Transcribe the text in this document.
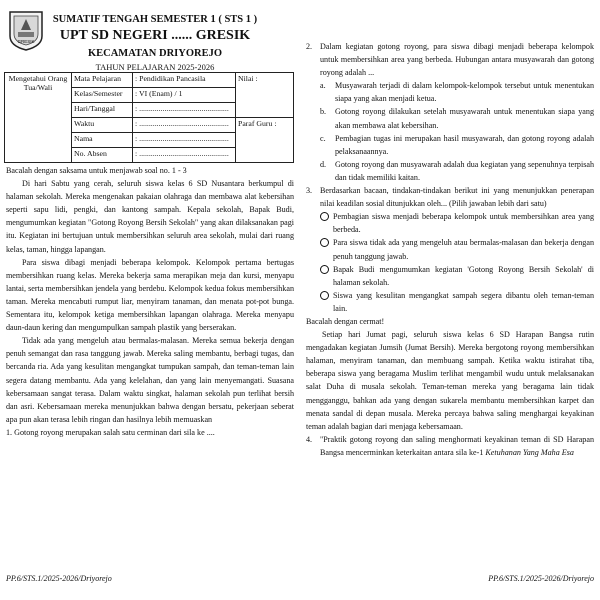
GRESIK
SUMATIF TENGAH SEMESTER 1 ( STS 1 )
UPT SD NEGERI ...... GRESIK
KECAMATAN DRIYOREJO
TAHUN PELAJARAN 2025-2026
Mengetahui Orang Tua/Wali	Mata Pelajaran	: Pendidikan Pancasila	Nilai :
	Kelas/Semester	: VI (Enam) / 1	
	Hari/Tanggal	: ..............................................	
	Waktu	: ..............................................	Paraf Guru :
	Nama	: ..............................................	
	No. Absen	: ..............................................	

Bacalah dengan saksama untuk menjawab soal no. 1 - 3

Di hari Sabtu yang cerah, seluruh siswa kelas 6 SD Nusantara berkumpul di halaman sekolah. Mereka mengenakan pakaian olahraga dan membawa alat kebersihan seperti sapu lidi, pengki, dan kantong sampah. Kepala sekolah, Bapak Budi, mengumumkan kegiatan "Gotong Royong Bersih Sekolah" yang akan dilaksanakan pagi itu. Kegiatan ini bertujuan untuk membersihkan seluruh area sekolah, mulai dari ruang kelas, taman, hingga lapangan.

Para siswa dibagi menjadi beberapa kelompok. Kelompok pertama bertugas membersihkan ruang kelas. Mereka bekerja sama merapikan meja dan kursi, menyapu lantai, serta membersihkan jendela yang berdebu. Kelompok kedua fokus membersihkan taman. Mereka mencabuti rumput liar, menyiram tanaman, dan menata pot-pot bunga. Sementara itu, kelompok ketiga membersihkan lapangan olahraga. Mereka menyapu daun-daun kering dan mengumpulkan sampah plastik yang berserakan.

Tidak ada yang mengeluh atau bermalas-malasan. Mereka semua bekerja dengan penuh semangat dan rasa tanggung jawab. Mereka saling membantu, berbagi tugas, dan bercanda ria. Ada yang kesulitan mengangkat tumpukan sampah, dan teman-teman lain segera datang membantu. Ada yang kelelahan, dan yang lain menyemangati. Suasana kebersamaan sangat terasa. Dalam waktu singkat, halaman sekolah pun terlihat bersih dan asri. Kebersamaan mereka menunjukkan bahwa dengan bersatu, pekerjaan seberat apa pun akan terasa lebih ringan dan hasilnya lebih memuaskan

1. Gotong royong merupakan salah satu cerminan dari sila ke ....

2. Dalam kegiatan gotong royong, para siswa dibagi menjadi beberapa kelompok untuk membersihkan area yang berbeda. Hubungan antara musyawarah dan gotong royong adalah ...
a.	Musyawarah terjadi di dalam kelompok-kelompok tersebut untuk menentukan siapa yang akan menjadi ketua.
b.	Gotong royong dilakukan setelah musyawarah untuk menentukan siapa yang akan membawa alat kebersihan.
c.	Pembagian tugas ini merupakan hasil musyawarah, dan gotong royong adalah pelaksanaannya.
d.	Gotong royong dan musyawarah adalah dua kegiatan yang sepenuhnya terpisah dan tidak memiliki kaitan.
3. Berdasarkan bacaan, tindakan-tindakan berikut ini yang menunjukkan penerapan nilai keadilan sosial ditunjukkan oleh... (Pilih jawaban lebih dari satu)
Pembagian siswa menjadi beberapa kelompok untuk membersihkan area yang berbeda.
Para siswa tidak ada yang mengeluh atau bermalas-malasan dan bekerja dengan penuh tanggung jawab.
Bapak Budi mengumumkan kegiatan 'Gotong Royong Bersih Sekolah' di halaman sekolah.
Siswa yang kesulitan mengangkat sampah segera dibantu oleh teman-teman lain.

Bacalah dengan cermat!

Setiap hari Jumat pagi, seluruh siswa kelas 6 SD Harapan Bangsa rutin mengadakan kegiatan Jumsih (Jumat Bersih). Mereka bergotong royong membersihkan halaman, menyiram tanaman, dan membuang sampah. Ketika waktu istirahat tiba, beberapa siswa yang beragama Muslim terlihat mengambil wudu untuk melaksanakan salat Duha di musala sekolah. Teman-teman mereka yang beragama lain tidak mengganggu, bahkan ada yang dengan sukarela membantu membersihkan karpet dan menata sandal di depan musala. Mereka percaya bahwa saling menghargai keyakinan teman adalah bagian dari menjaga kebersamaan.

4. "Praktik gotong royong dan saling menghormati keyakinan teman di SD Harapan Bangsa mencerminkan keterkaitan antara sila ke-1 Ketuhanan Yang Maha Esa
PP.6/STS.1/2025-2026/Driyorejo	PP.6/STS.1/2025-2026/Driyorejo
